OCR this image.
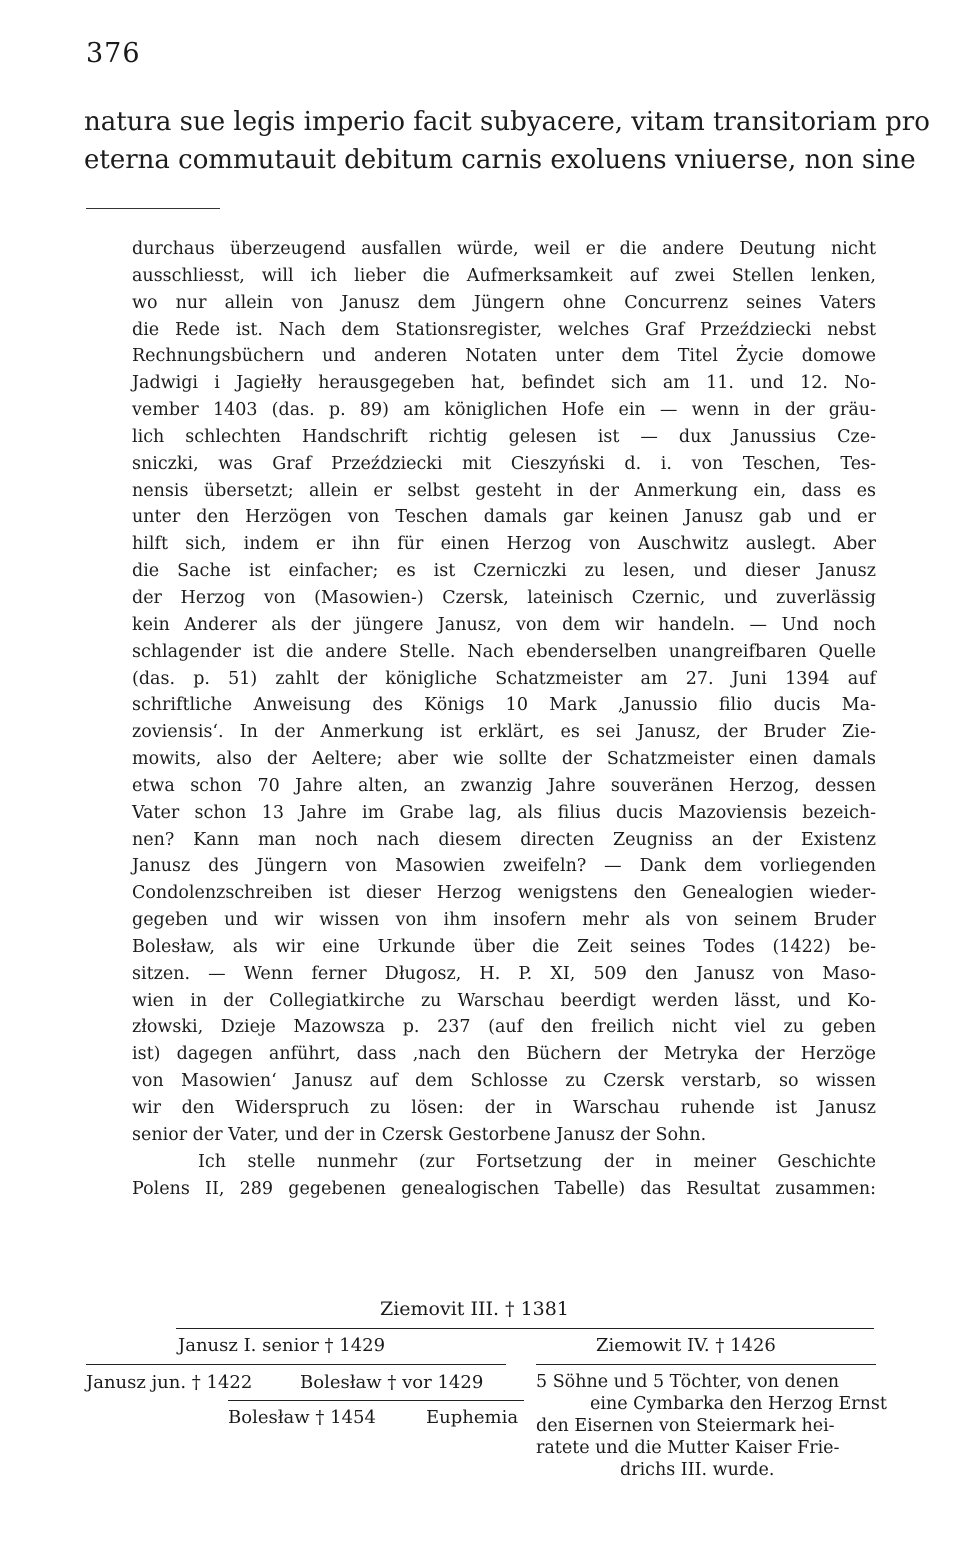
376
natura sue legis imperio facit subyacere, vitam transitoriam pro
eterna commutauit debitum carnis exoluens vniuerse, non sine
durchaus überzeugend ausfallen würde, weil er die andere Deutung nicht
ausschliesst, will ich lieber die Aufmerksamkeit auf zwei Stellen lenken,
wo nur allein von Janusz dem Jüngern ohne Concurrenz seines Vaters
die Rede ist. Nach dem Stationsregister, welches Graf Przeździecki nebst
Rechnungsbüchern und anderen Notaten unter dem Titel Życie domowe
Jadwigi i Jagiełły herausgegeben hat, befindet sich am 11. und 12. No-
vember 1403 (das. p. 89) am königlichen Hofe ein — wenn in der gräu-
lich schlechten Handschrift richtig gelesen ist — dux Janussius Cze-
sniczki, was Graf Przeździecki mit Cieszyński d. i. von Teschen, Tes-
nensis übersetzt; allein er selbst gesteht in der Anmerkung ein, dass es
unter den Herzögen von Teschen damals gar keinen Janusz gab und er
hilft sich, indem er ihn für einen Herzog von Auschwitz auslegt. Aber
die Sache ist einfacher; es ist Czerniczki zu lesen, und dieser Janusz
der Herzog von (Masowien-) Czersk, lateinisch Czernic, und zuverlässig
kein Anderer als der jüngere Janusz, von dem wir handeln. — Und noch
schlagender ist die andere Stelle. Nach ebenderselben unangreifbaren Quelle
(das. p. 51) zahlt der königliche Schatzmeister am 27. Juni 1394 auf
schriftliche Anweisung des Königs 10 Mark ‚Janussio filio ducis Ma-
zoviensis‘. In der Anmerkung ist erklärt, es sei Janusz, der Bruder Zie-
mowits, also der Aeltere; aber wie sollte der Schatzmeister einen damals
etwa schon 70 Jahre alten, an zwanzig Jahre souveränen Herzog, dessen
Vater schon 13 Jahre im Grabe lag, als filius ducis Mazoviensis bezeich-
nen? Kann man noch nach diesem directen Zeugniss an der Existenz
Janusz des Jüngern von Masowien zweifeln? — Dank dem vorliegenden
Condolenzschreiben ist dieser Herzog wenigstens den Genealogien wieder-
gegeben und wir wissen von ihm insofern mehr als von seinem Bruder
Bolesław, als wir eine Urkunde über die Zeit seines Todes (1422) be-
sitzen. — Wenn ferner Długosz, H. P. XI, 509 den Janusz von Maso-
wien in der Collegiatkirche zu Warschau beerdigt werden lässt, und Ko-
złowski, Dzieje Mazowsza p. 237 (auf den freilich nicht viel zu geben
ist) dagegen anführt, dass ‚nach den Büchern der Metryka der Herzöge
von Masowien‘ Janusz auf dem Schlosse zu Czersk verstarb, so wissen
wir den Widerspruch zu lösen: der in Warschau ruhende ist Janusz
senior der Vater, und der in Czersk Gestorbene Janusz der Sohn.
Ich stelle nunmehr (zur Fortsetzung der in meiner Geschichte
Polens II, 289 gegebenen genealogischen Tabelle) das Resultat zusammen:
Ziemovit III. † 1381
Janusz I. senior † 1429	Ziemowit IV. † 1426
Janusz jun. † 1422	Bolesław † vor 1429
Bolesław † 1454	Euphemia
5 Söhne und 5 Töchter, von denen
eine Cymbarka den Herzog Ernst
den Eisernen von Steiermark hei-
ratete und die Mutter Kaiser Frie-
drichs III. wurde.
